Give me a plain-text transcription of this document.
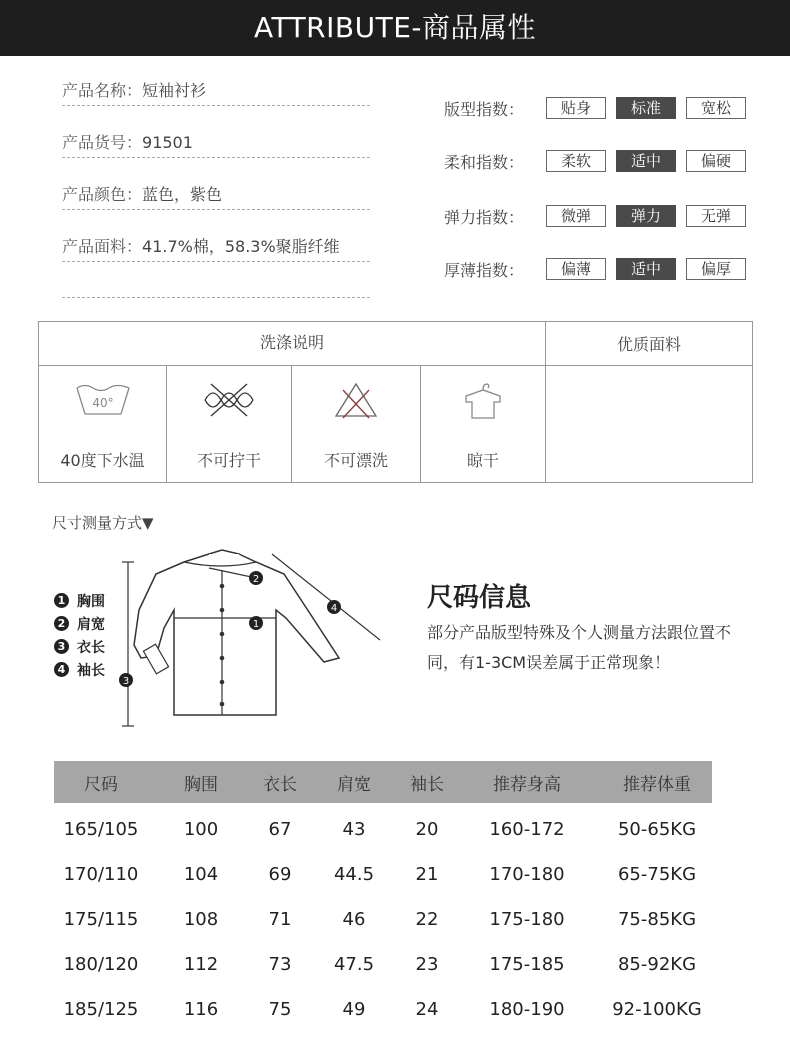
ATTRIBUTE-商品属性
产品名称：短袖衬衫
产品货号：91501
产品颜色：蓝色，紫色
产品面料：41.7%棉，58.3%聚脂纤维
版型指数：	贴身	标准	宽松
柔和指数：	柔软	适中	偏硬
弹力指数：	微弹	弹力	无弹
厚薄指数：	偏薄	适中	偏厚
洗涤说明	优质面料
40°
40度下水温	不可拧干	不可漂洗	晾干
尺寸测量方式▼
3
2
1
4
1 胸围
2 肩宽
3 衣长
4 袖长
尺码信息
部分产品版型特殊及个人测量方法跟位置不同，有1-3CM误差属于正常现象！
尺码	胸围	衣长	肩宽	袖长	推荐身高	推荐体重
165/105	100	67	43	20	160-172	50-65KG
170/110	104	69	44.5	21	170-180	65-75KG
175/115	108	71	46	22	175-180	75-85KG
180/120	112	73	47.5	23	175-185	85-92KG
185/125	116	75	49	24	180-190	92-100KG
